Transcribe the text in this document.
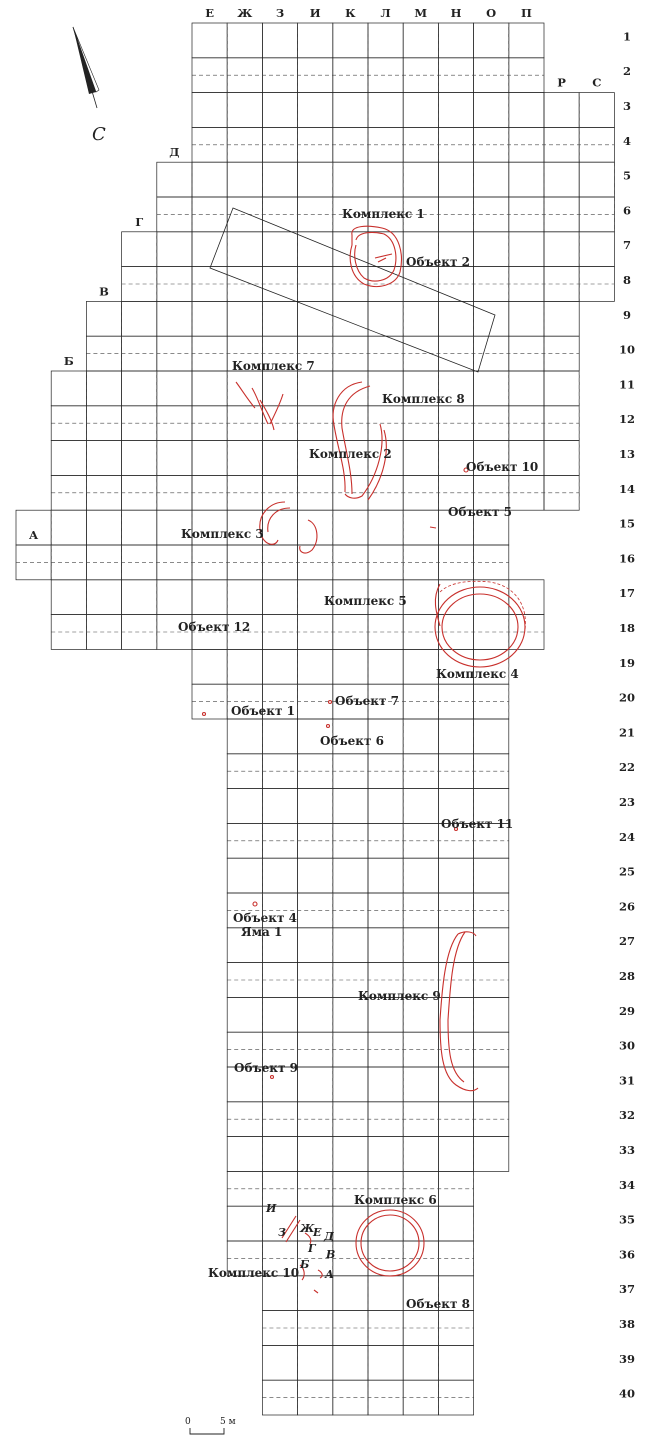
А
Б
В
Г
Д
Е Ж З И К Л М Н О П
Р С
1
2
3
4
5
6
7
8
9
10
11
12
13
14
15
16
17
18
19
20
21
22
23
24
25
26
27
28
29
30
31
32
33
34
35
36
37
38
39
40
С
Комплекс 1
Объект 2
Комплекс 7
Комплекс 8
Комплекс 2
Объект 10
Объект 5
Комплекс 3
Комплекс 5
Объект 12
Комплекс 4
Объект 7
Объект 1
Объект 6
Объект 11
Объект 4
Яма 1
Комплекс 9
Объект 9
Комплекс 6
Комплекс 10
Объект 8
И
З Ж
Е Д
Г В
Б
А
0	5 м
